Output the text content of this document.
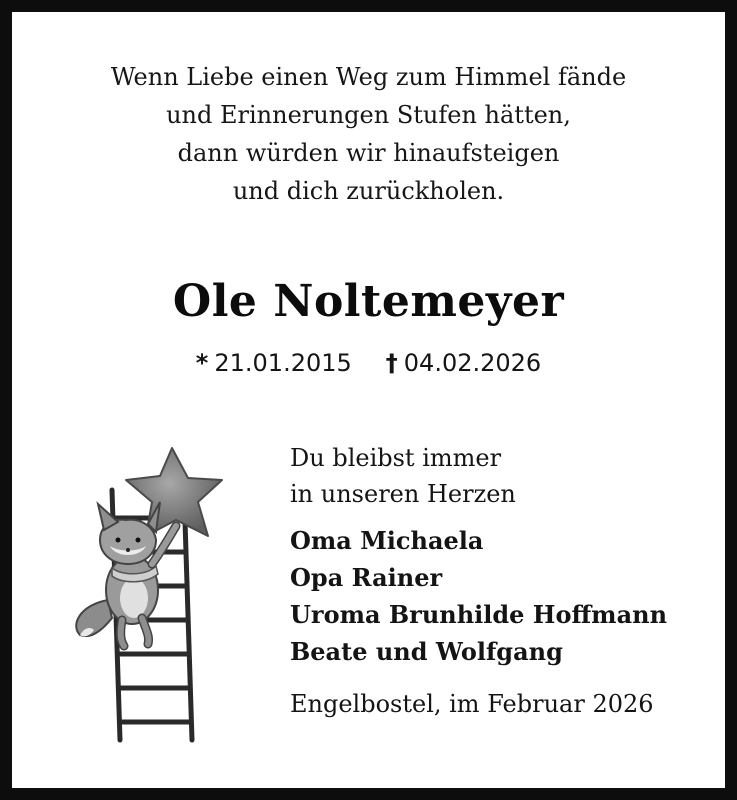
Wenn Liebe einen Weg zum Himmel fände
und Erinnerungen Stufen hätten,
dann würden wir hinaufsteigen
und dich zurückholen.
Ole Noltemeyer
* 21.01.2015 † 04.02.2026
Du bleibst immer
in unseren Herzen
Oma Michaela
Opa Rainer
Uroma Brunhilde Hoffmann
Beate und Wolfgang
Engelbostel, im Februar 2026
